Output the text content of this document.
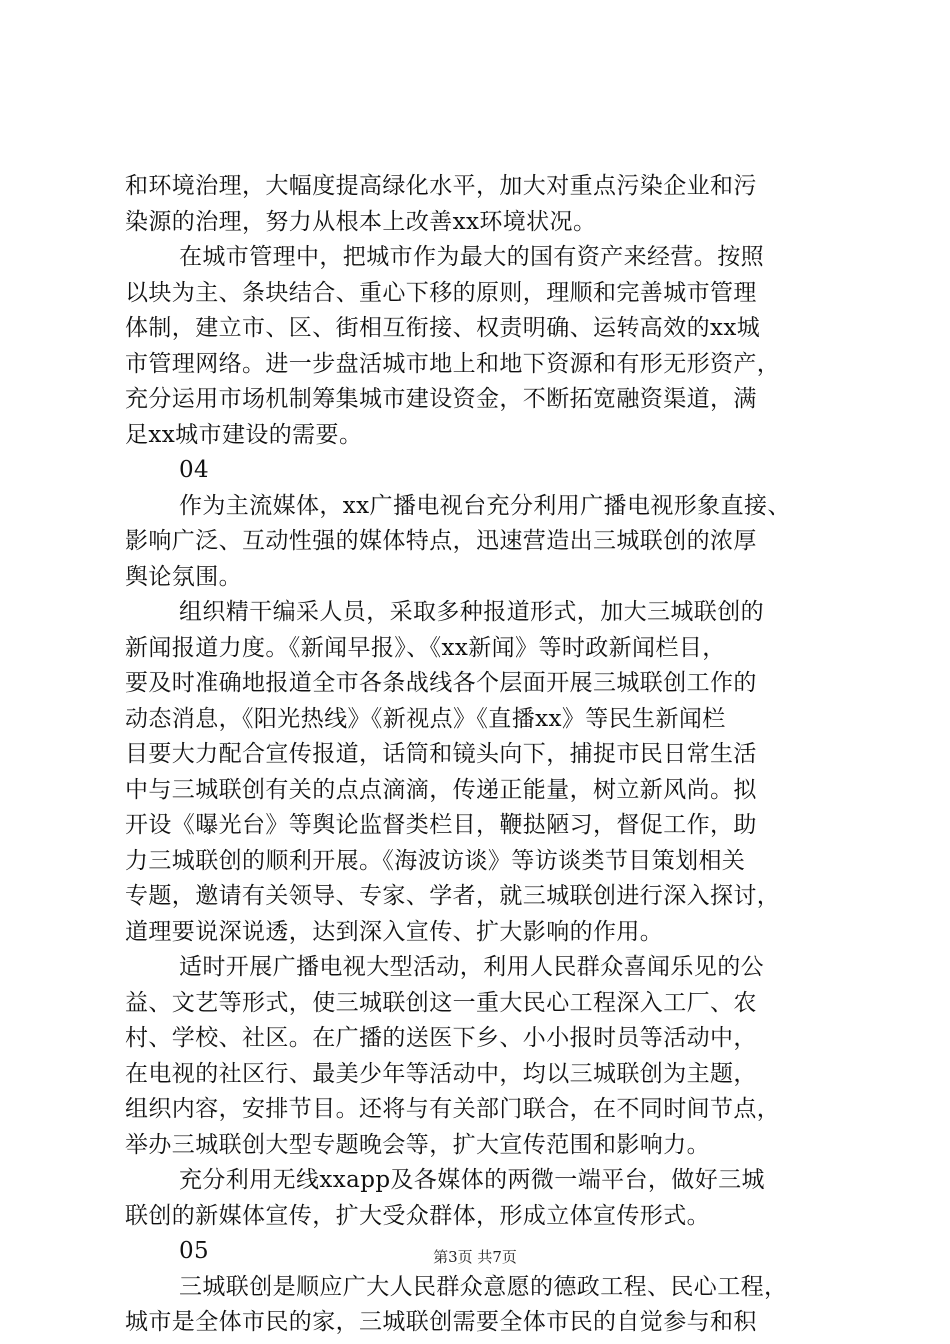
和环境治理，大幅度提高绿化水平，加大对重点污染企业和污
染源的治理，努力从根本上改善xx环境状况。
在城市管理中，把城市作为最大的国有资产来经营。按照
以块为主、条块结合、重心下移的原则，理顺和完善城市管理
体制，建立市、区、街相互衔接、权责明确、运转高效的xx城
市管理网络。进一步盘活城市地上和地下资源和有形无形资产，
充分运用市场机制筹集城市建设资金，不断拓宽融资渠道，满
足xx城市建设的需要。
04
作为主流媒体，xx广播电视台充分利用广播电视形象直接、
影响广泛、互动性强的媒体特点，迅速营造出三城联创的浓厚
舆论氛围。
组织精干编采人员，采取多种报道形式，加大三城联创的
新闻报道力度。《新闻早报》、《xx新闻》等时政新闻栏目，
要及时准确地报道全市各条战线各个层面开展三城联创工作的
动态消息，《阳光热线》《新视点》《直播xx》等民生新闻栏
目要大力配合宣传报道，话筒和镜头向下，捕捉市民日常生活
中与三城联创有关的点点滴滴，传递正能量，树立新风尚。拟
开设《曝光台》等舆论监督类栏目，鞭挞陋习，督促工作，助
力三城联创的顺利开展。《海波访谈》等访谈类节目策划相关
专题，邀请有关领导、专家、学者，就三城联创进行深入探讨，
道理要说深说透，达到深入宣传、扩大影响的作用。
适时开展广播电视大型活动，利用人民群众喜闻乐见的公
益、文艺等形式，使三城联创这一重大民心工程深入工厂、农
村、学校、社区。在广播的送医下乡、小小报时员等活动中，
在电视的社区行、最美少年等活动中，均以三城联创为主题，
组织内容，安排节目。还将与有关部门联合，在不同时间节点，
举办三城联创大型专题晚会等，扩大宣传范围和影响力。
充分利用无线xxapp及各媒体的两微一端平台，做好三城
联创的新媒体宣传，扩大受众群体，形成立体宣传形式。
05
三城联创是顺应广大人民群众意愿的德政工程、民心工程，
城市是全体市民的家，三城联创需要全体市民的自觉参与和积
第3页 共7页
